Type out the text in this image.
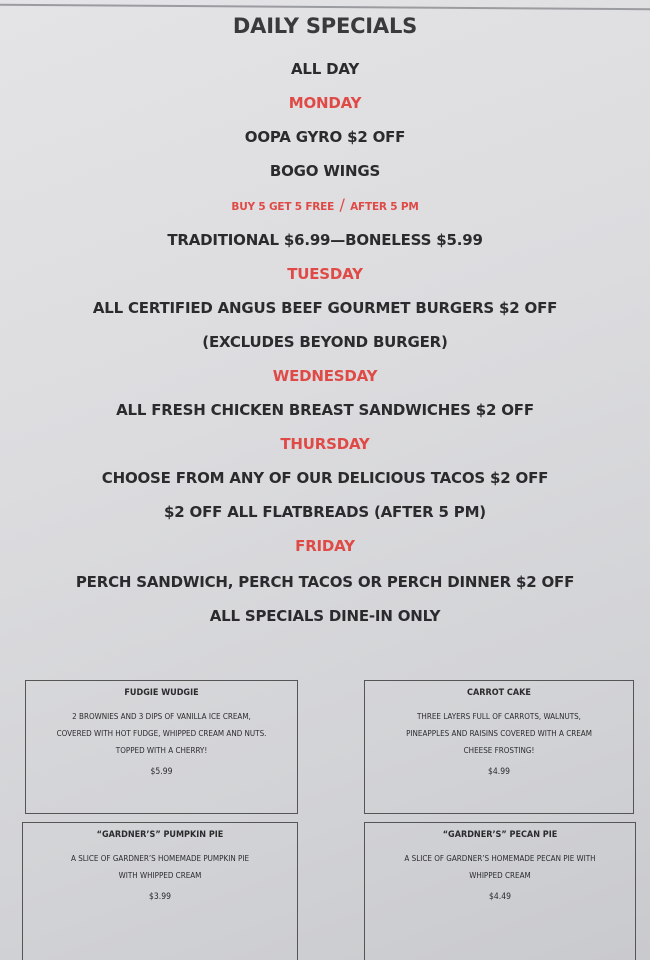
DAILY SPECIALS
ALL DAY
MONDAY
OOPA GYRO $2 OFF
BOGO WINGS
BUY 5 GET 5 FREE / AFTER 5 PM
TRADITIONAL $6.99—BONELESS $5.99
TUESDAY
ALL CERTIFIED ANGUS BEEF GOURMET BURGERS $2 OFF
(EXCLUDES BEYOND BURGER)
WEDNESDAY
ALL FRESH CHICKEN BREAST SANDWICHES $2 OFF
THURSDAY
CHOOSE FROM ANY OF OUR DELICIOUS TACOS $2 OFF
$2 OFF ALL FLATBREADS (AFTER 5 PM)
FRIDAY
PERCH SANDWICH, PERCH TACOS OR PERCH DINNER $2 OFF
ALL SPECIALS DINE-IN ONLY
FUDGIE WUDGIE
2 BROWNIES AND 3 DIPS OF VANILLA ICE CREAM,
COVERED WITH HOT FUDGE, WHIPPED CREAM AND NUTS.
TOPPED WITH A CHERRY!
$5.99
CARROT CAKE
THREE LAYERS FULL OF CARROTS, WALNUTS,
PINEAPPLES AND RAISINS COVERED WITH A CREAM
CHEESE FROSTING!
$4.99
“GARDNER’S” PUMPKIN PIE
A SLICE OF GARDNER’S HOMEMADE PUMPKIN PIE
WITH WHIPPED CREAM
$3.99
“GARDNER’S” PECAN PIE
A SLICE OF GARDNER’S HOMEMADE PECAN PIE WITH
WHIPPED CREAM
$4.49
